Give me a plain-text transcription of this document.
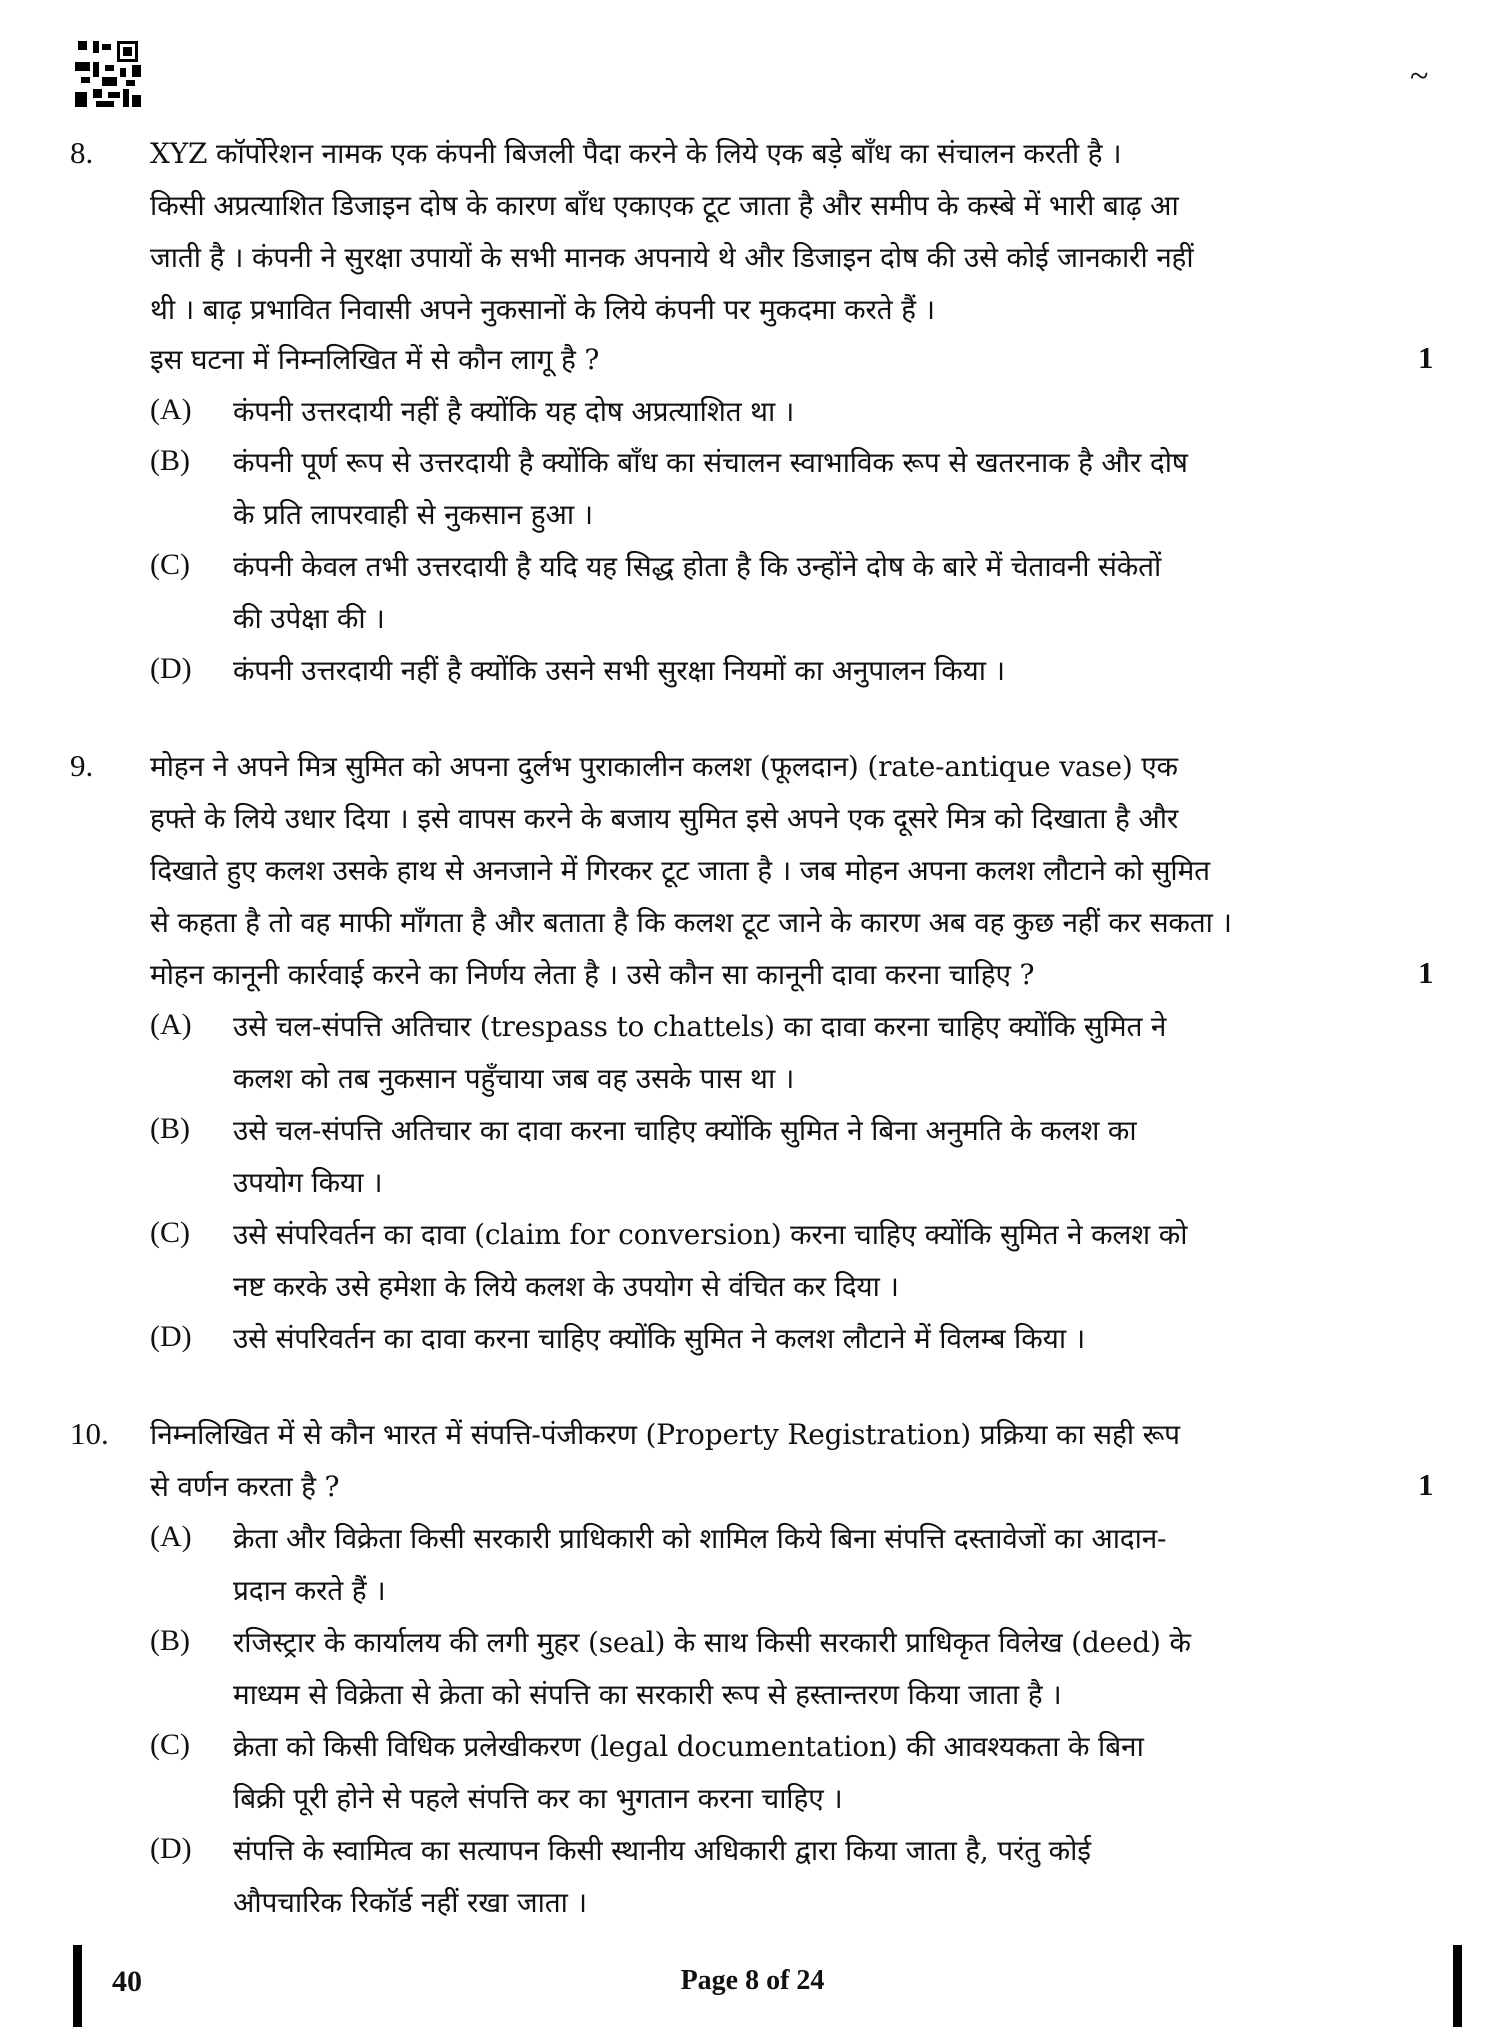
~
8. XYZ कॉर्पोरेशन नामक एक कंपनी बिजली पैदा करने के लिये एक बड़े बाँध का संचालन करती है ।
किसी अप्रत्याशित डिजाइन दोष के कारण बाँध एकाएक टूट जाता है और समीप के कस्बे में भारी बाढ़ आ
जाती है । कंपनी ने सुरक्षा उपायों के सभी मानक अपनाये थे और डिजाइन दोष की उसे कोई जानकारी नहीं
थी । बाढ़ प्रभावित निवासी अपने नुकसानों के लिये कंपनी पर मुकदमा करते हैं ।
इस घटना में निम्नलिखित में से कौन लागू है ?	1
(A) कंपनी उत्तरदायी नहीं है क्योंकि यह दोष अप्रत्याशित था ।
(B) कंपनी पूर्ण रूप से उत्तरदायी है क्योंकि बाँध का संचालन स्वाभाविक रूप से खतरनाक है और दोष
के प्रति लापरवाही से नुकसान हुआ ।
(C) कंपनी केवल तभी उत्तरदायी है यदि यह सिद्ध होता है कि उन्होंने दोष के बारे में चेतावनी संकेतों
की उपेक्षा की ।
(D) कंपनी उत्तरदायी नहीं है क्योंकि उसने सभी सुरक्षा नियमों का अनुपालन किया ।
9. मोहन ने अपने मित्र सुमित को अपना दुर्लभ पुराकालीन कलश (फूलदान) (rate-antique vase) एक
हफ्ते के लिये उधार दिया । इसे वापस करने के बजाय सुमित इसे अपने एक दूसरे मित्र को दिखाता है और
दिखाते हुए कलश उसके हाथ से अनजाने में गिरकर टूट जाता है । जब मोहन अपना कलश लौटाने को सुमित
से कहता है तो वह माफी माँगता है और बताता है कि कलश टूट जाने के कारण अब वह कुछ नहीं कर सकता ।
मोहन कानूनी कार्रवाई करने का निर्णय लेता है । उसे कौन सा कानूनी दावा करना चाहिए ?	1
(A) उसे चल-संपत्ति अतिचार (trespass to chattels) का दावा करना चाहिए क्योंकि सुमित ने
कलश को तब नुकसान पहुँचाया जब वह उसके पास था ।
(B) उसे चल-संपत्ति अतिचार का दावा करना चाहिए क्योंकि सुमित ने बिना अनुमति के कलश का
उपयोग किया ।
(C) उसे संपरिवर्तन का दावा (claim for conversion) करना चाहिए क्योंकि सुमित ने कलश को
नष्ट करके उसे हमेशा के लिये कलश के उपयोग से वंचित कर दिया ।
(D) उसे संपरिवर्तन का दावा करना चाहिए क्योंकि सुमित ने कलश लौटाने में विलम्ब किया ।
10. निम्नलिखित में से कौन भारत में संपत्ति-पंजीकरण (Property Registration) प्रक्रिया का सही रूप
से वर्णन करता है ?	1
(A) क्रेता और विक्रेता किसी सरकारी प्राधिकारी को शामिल किये बिना संपत्ति दस्तावेजों का आदान-
प्रदान करते हैं ।
(B) रजिस्ट्रार के कार्यालय की लगी मुहर (seal) के साथ किसी सरकारी प्राधिकृत विलेख (deed) के
माध्यम से विक्रेता से क्रेता को संपत्ति का सरकारी रूप से हस्तान्तरण किया जाता है ।
(C) क्रेता को किसी विधिक प्रलेखीकरण (legal documentation) की आवश्यकता के बिना
बिक्री पूरी होने से पहले संपत्ति कर का भुगतान करना चाहिए ।
(D) संपत्ति के स्वामित्व का सत्यापन किसी स्थानीय अधिकारी द्वारा किया जाता है, परंतु कोई
औपचारिक रिकॉर्ड नहीं रखा जाता ।
40	Page 8 of 24
